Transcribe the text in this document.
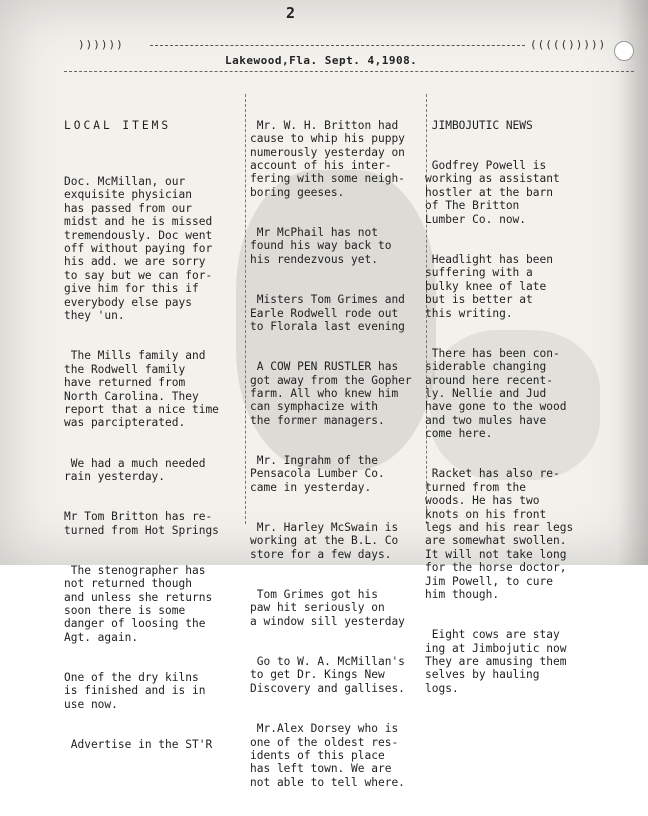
2
))))))	((((()))))
Lakewood,Fla. Sept. 4,1908.

LOCAL ITEMS

Doc. McMillan, our
exquisite physician
has passed from our
midst and he is missed
tremendously. Doc went
off without paying for
his add. we are sorry
to say but we can for-
give him for this if
everybody else pays
they 'un.

The Mills family and
the Rodwell family
have returned from
North Carolina. They
report that a nice time
was parcipterated.

We had a much needed
rain yesterday.

Mr Tom Britton has re-
turned from Hot Springs

The stenographer has
not returned though
and unless she returns
soon there is some
danger of loosing the
Agt. again.

One of the dry kilns
is finished and is in
use now.

Advertise in the ST'R

Mr. W. H. Britton had
cause to whip his puppy
numerously yesterday on
account of his inter-
fering with some neigh-
boring geeses.

Mr McPhail has not
found his way back to
his rendezvous yet.

Misters Tom Grimes and
Earle Rodwell rode out
to Florala last evening

A COW PEN RUSTLER has
got away from the Gopher
farm. All who knew him
can symphacize with
the former managers.

Mr. Ingrahm of the
Pensacola Lumber Co.
came in yesterday.

Mr. Harley McSwain is
working at the B.L. Co
store for a few days.

Tom Grimes got his
paw hit seriously on
a window sill yesterday

Go to W. A. McMillan's
to get Dr. Kings New
Discovery and gallises.

Mr.Alex Dorsey who is
one of the oldest res-
idents of this place
has left town. We are
not able to tell where.

JIMBOJUTIC NEWS

Godfrey Powell is
working as assistant
hostler at the barn
of The Britton
Lumber Co. now.

Headlight has been
suffering with a
bulky knee of late
but is better at
this writing.

There has been con-
siderable changing
around here recent-
ly. Nellie and Jud
have gone to the wood
and two mules have
come here.

Racket has also re-
turned from the
woods. He has two
knots on his front
legs and his rear legs
are somewhat swollen.
It will not take long
for the horse doctor,
Jim Powell, to cure
him though.

Eight cows are stay
ing at Jimbojutic now
They are amusing them
selves by hauling
logs.
